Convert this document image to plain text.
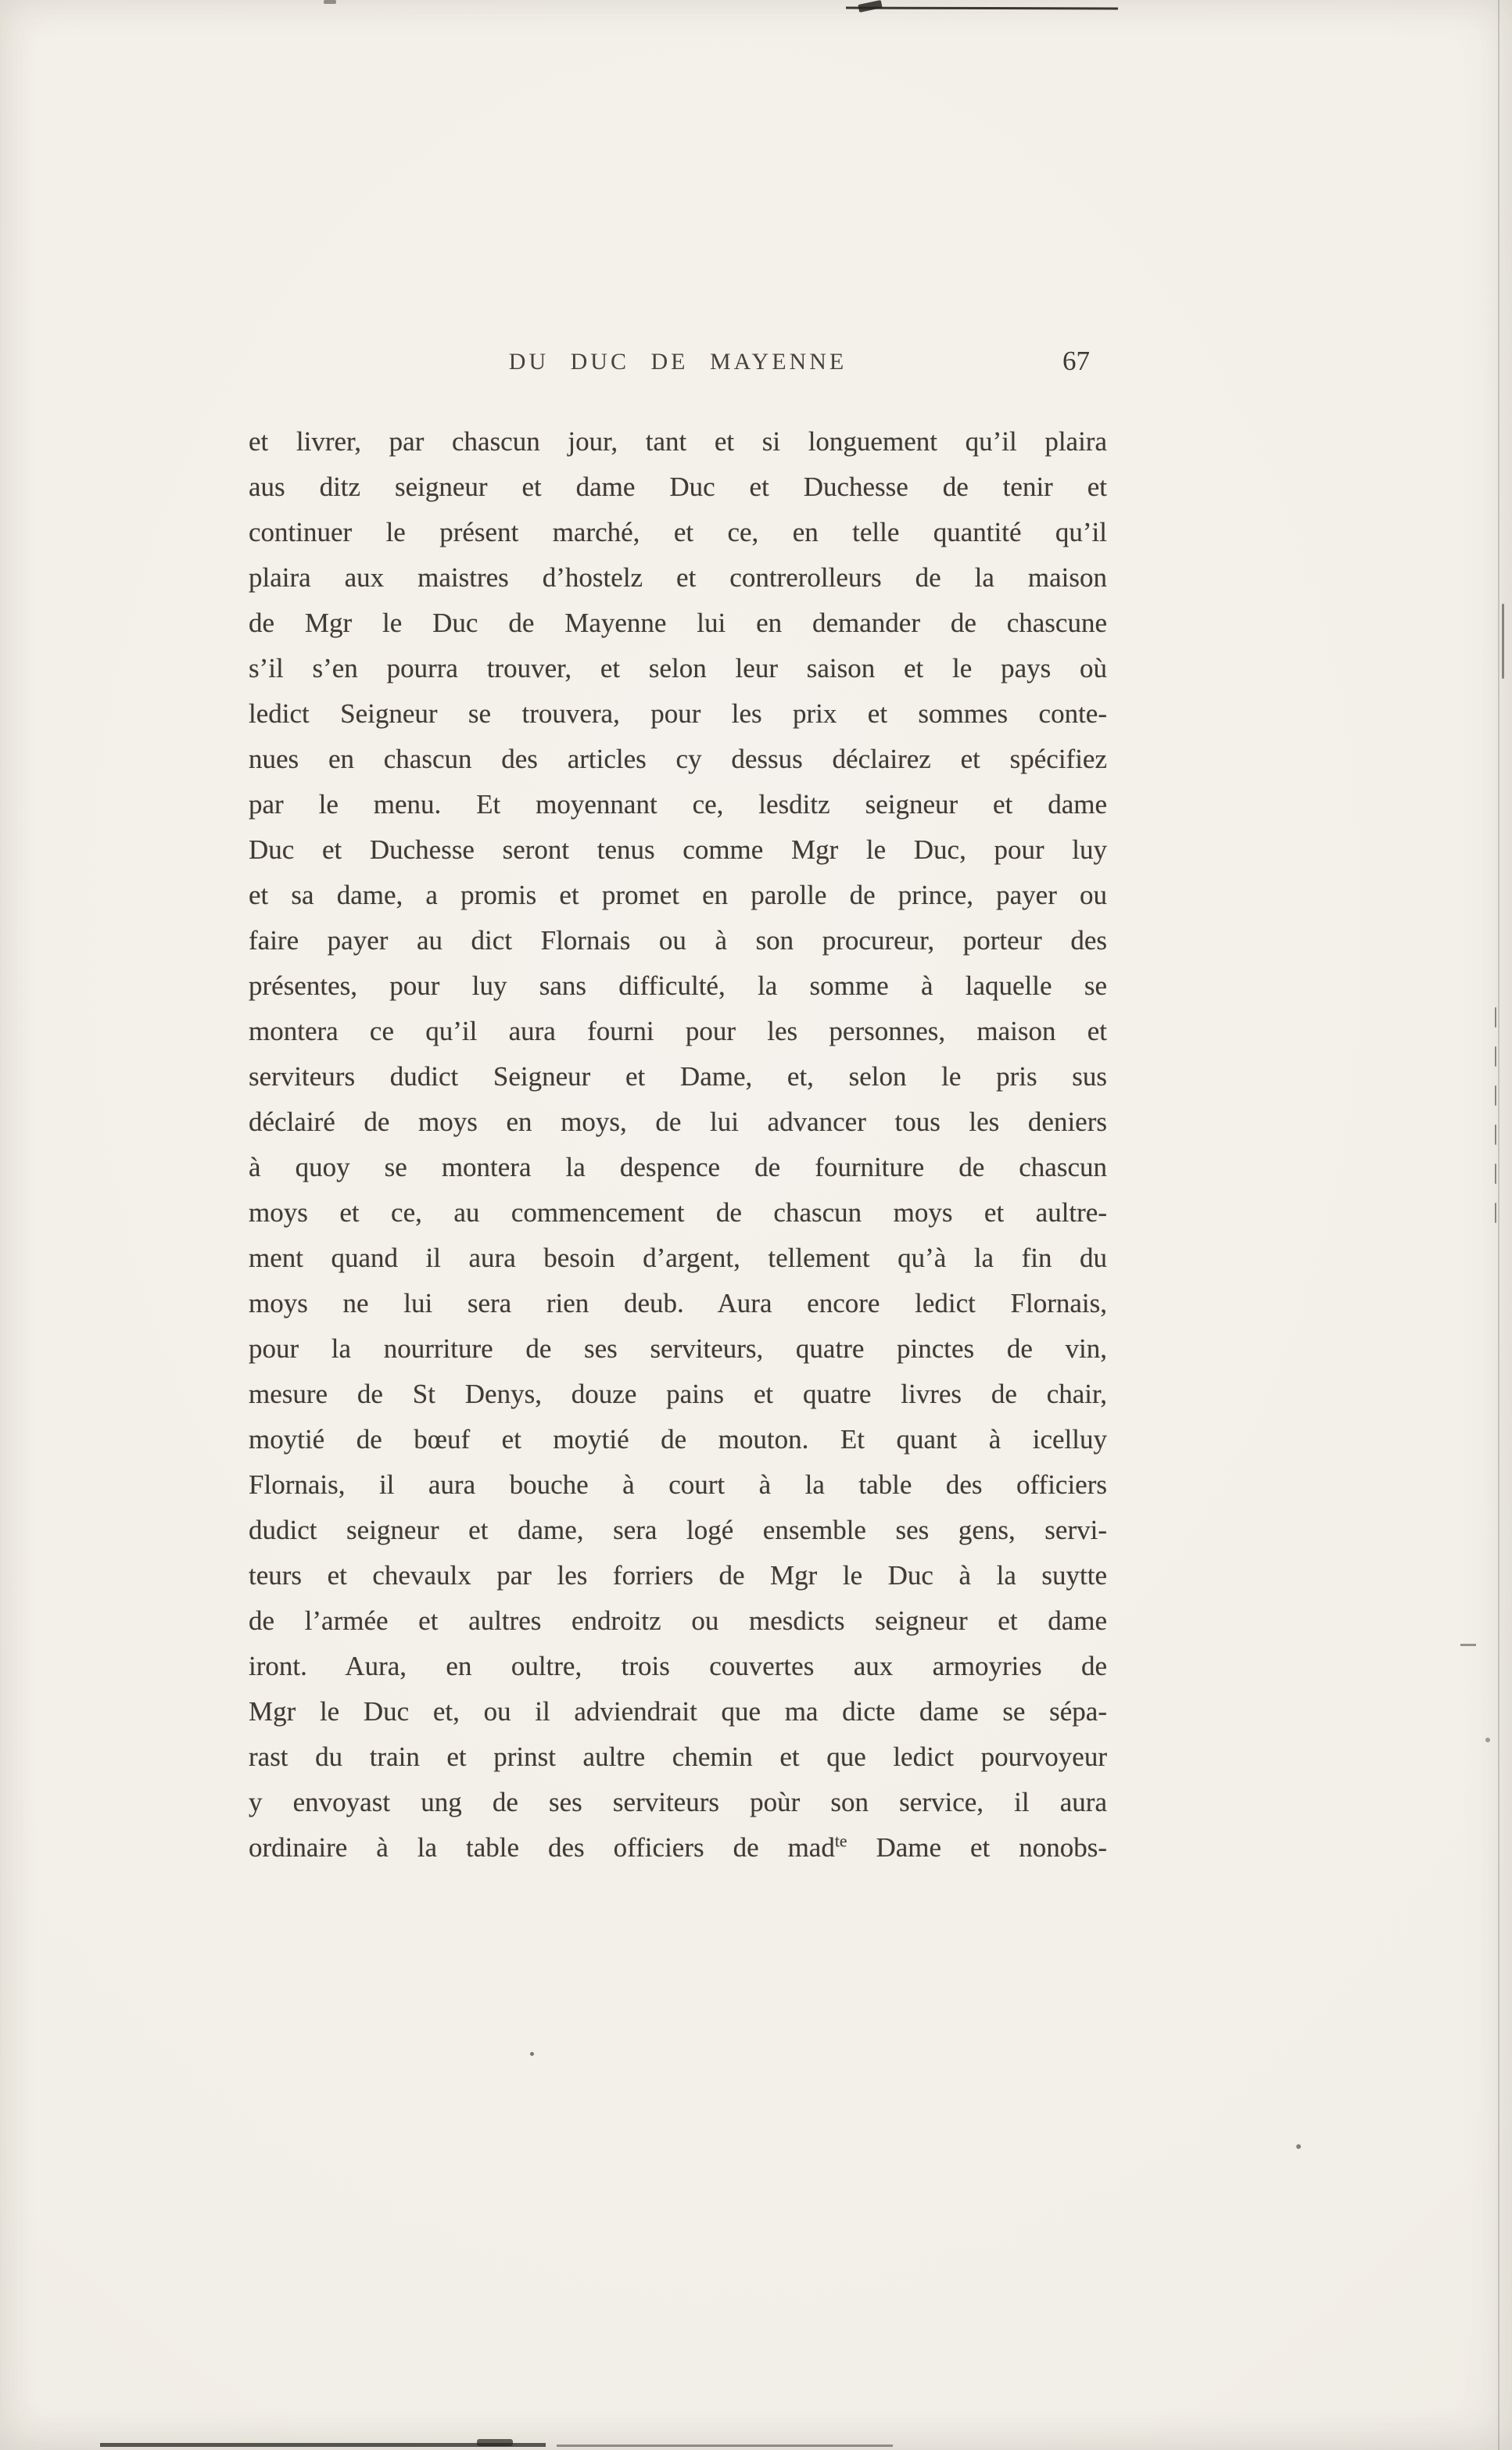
DU DUC DE MAYENNE	67
et livrer, par chascun jour, tant et si longuement qu’il plaira
aus ditz seigneur et dame Duc et Duchesse de tenir et
continuer le présent marché, et ce, en telle quantité qu’il
plaira aux maistres d’hostelz et contrerolleurs de la maison
de Mgr le Duc de Mayenne lui en demander de chascune
s’il s’en pourra trouver, et selon leur saison et le pays où
ledict Seigneur se trouvera, pour les prix et sommes conte-
nues en chascun des articles cy dessus déclairez et spécifiez
par le menu. Et moyennant ce, lesditz seigneur et dame
Duc et Duchesse seront tenus comme Mgr le Duc, pour luy
et sa dame, a promis et promet en parolle de prince, payer ou
faire payer au dict Flornais ou à son procureur, porteur des
présentes, pour luy sans difficulté, la somme à laquelle se
montera ce qu’il aura fourni pour les personnes, maison et
serviteurs dudict Seigneur et Dame, et, selon le pris sus
déclairé de moys en moys, de lui advancer tous les deniers
à quoy se montera la despence de fourniture de chascun
moys et ce, au commencement de chascun moys et aultre-
ment quand il aura besoin d’argent, tellement qu’à la fin du
moys ne lui sera rien deub. Aura encore ledict Flornais,
pour la nourriture de ses serviteurs, quatre pinctes de vin,
mesure de St Denys, douze pains et quatre livres de chair,
moytié de bœuf et moytié de mouton. Et quant à icelluy
Flornais, il aura bouche à court à la table des officiers
dudict seigneur et dame, sera logé ensemble ses gens, servi-
teurs et chevaulx par les forriers de Mgr le Duc à la suytte
de l’armée et aultres endroitz ou mesdicts seigneur et dame
iront. Aura, en oultre, trois couvertes aux armoyries de
Mgr le Duc et, ou il adviendrait que ma dicte dame se sépa-
rast du train et prinst aultre chemin et que ledict pourvoyeur
y envoyast ung de ses serviteurs poùr son service, il aura
ordinaire à la table des officiers de mad$^{te}$ Dame et nonobs-
